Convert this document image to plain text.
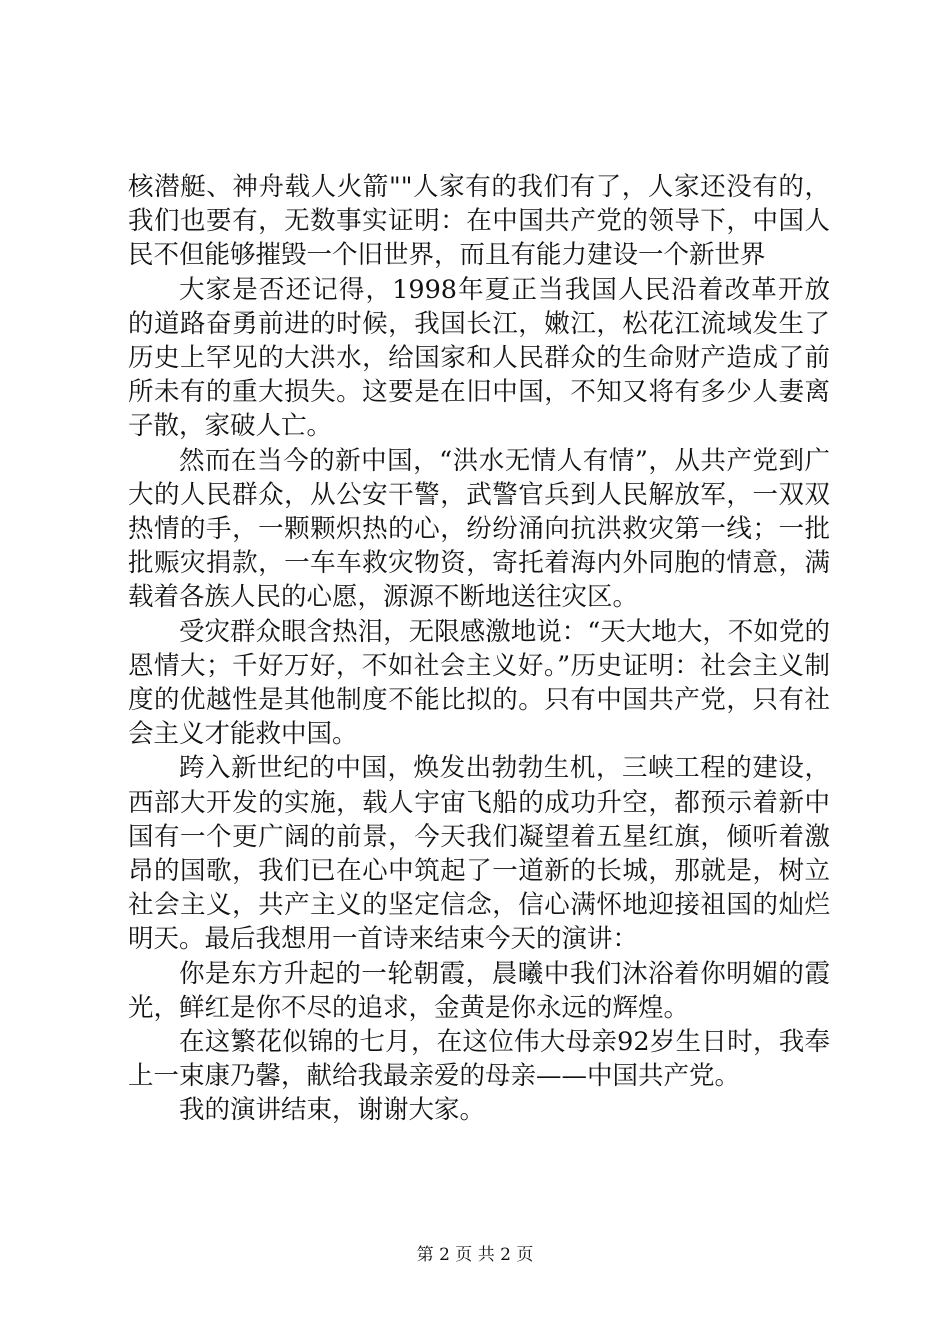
核潜艇、神舟载人火箭""人家有的我们有了，人家还没有的，我们也要有，无数事实证明：在中国共产党的领导下，中国人民不但能够摧毁一个旧世界，而且有能力建设一个新世界

大家是否还记得，1998年夏正当我国人民沿着改革开放的道路奋勇前进的时候，我国长江，嫩江，松花江流域发生了历史上罕见的大洪水，给国家和人民群众的生命财产造成了前所未有的重大损失。这要是在旧中国，不知又将有多少人妻离子散，家破人亡。

然而在当今的新中国，“洪水无情人有情”，从共产党到广大的人民群众，从公安干警，武警官兵到人民解放军，一双双热情的手，一颗颗炽热的心，纷纷涌向抗洪救灾第一线；一批批赈灾捐款，一车车救灾物资，寄托着海内外同胞的情意，满载着各族人民的心愿，源源不断地送往灾区。

受灾群众眼含热泪，无限感激地说：“天大地大，不如党的恩情大；千好万好，不如社会主义好。”历史证明：社会主义制度的优越性是其他制度不能比拟的。只有中国共产党，只有社会主义才能救中国。

跨入新世纪的中国，焕发出勃勃生机，三峡工程的建设，西部大开发的实施，载人宇宙飞船的成功升空，都预示着新中国有一个更广阔的前景，今天我们凝望着五星红旗，倾听着激昂的国歌，我们已在心中筑起了一道新的长城，那就是，树立社会主义，共产主义的坚定信念，信心满怀地迎接祖国的灿烂明天。最后我想用一首诗来结束今天的演讲：

你是东方升起的一轮朝霞，晨曦中我们沐浴着你明媚的霞光，鲜红是你不尽的追求，金黄是你永远的辉煌。

在这繁花似锦的七月，在这位伟大母亲92岁生日时，我奉上一束康乃馨，献给我最亲爱的母亲——中国共产党。

我的演讲结束，谢谢大家。

第 2 页 共 2 页
